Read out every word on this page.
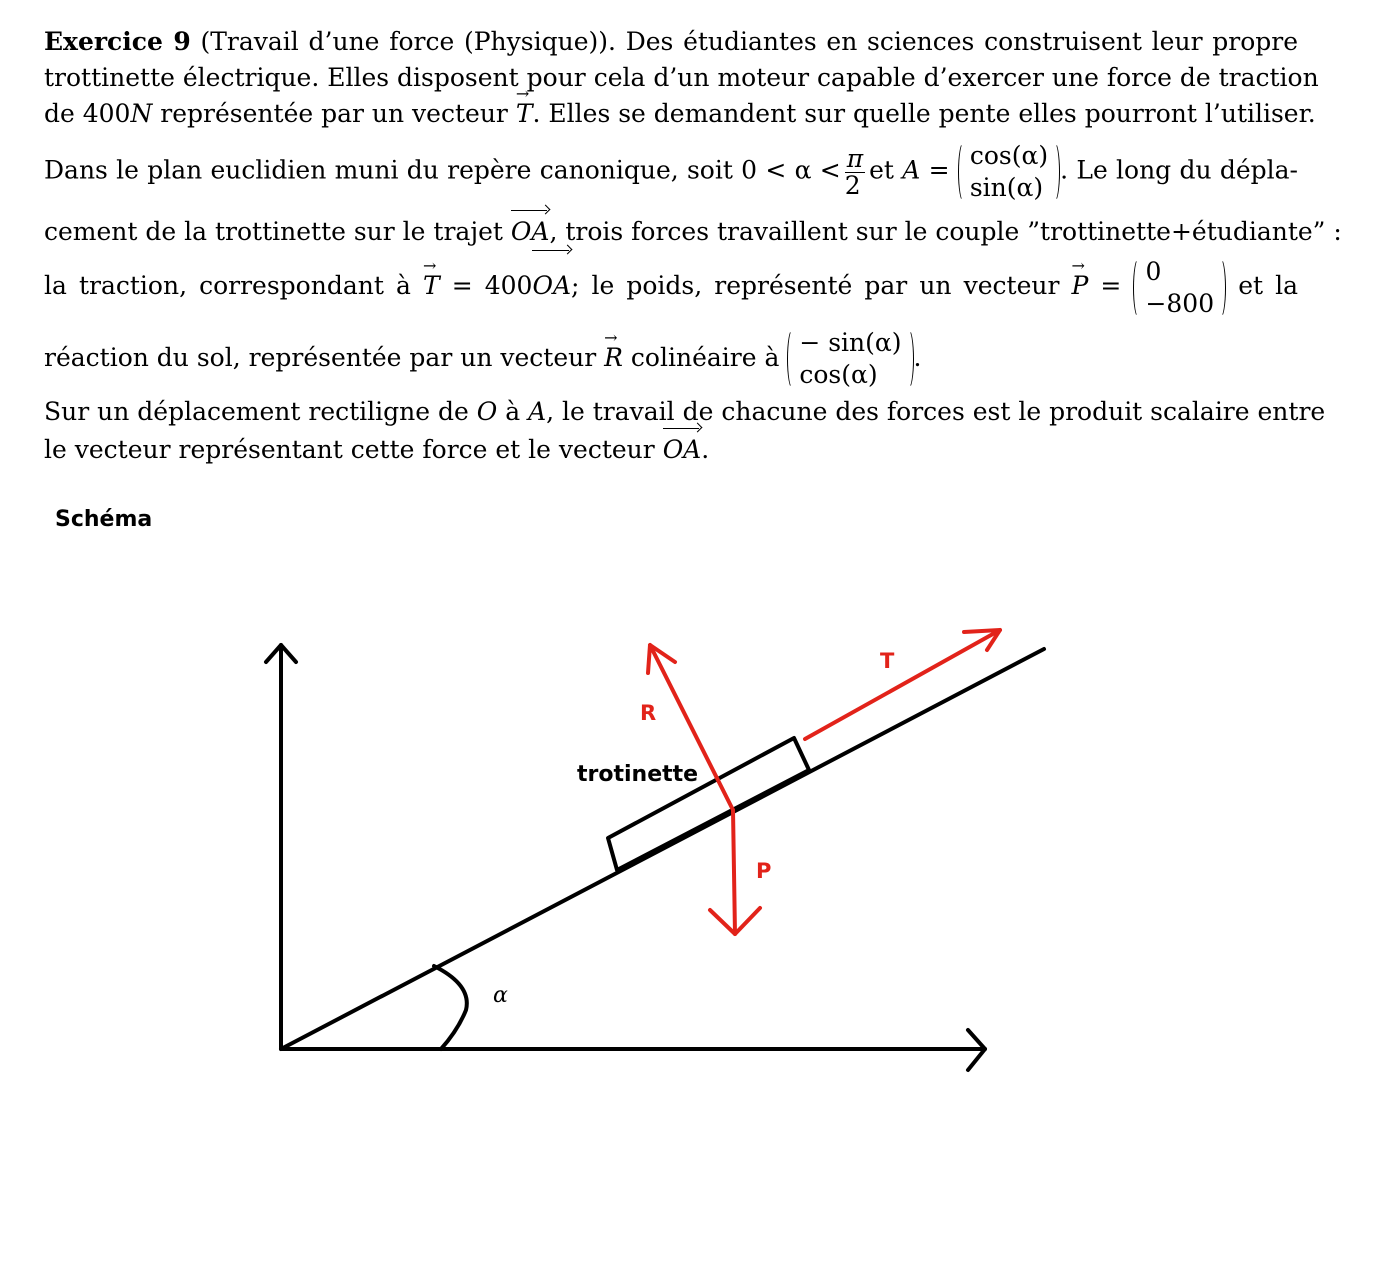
Exercice 9 (Travail d’une force (Physique)). Des étudiantes en sciences construisent leur propre
trottinette électrique. Elles disposent pour cela d’un moteur capable d’exercer une force de traction
de 400N représentée par un vecteur → T. Elles se demandent sur quelle pente elles pourront l’utiliser.
Dans le plan euclidien muni du repère canonique, soit $0 < \alpha < \frac{\pi}{2}$ et A = cos(α)
sin(α)
. Le long du dépla-
cement de la trottinette sur le trajet OA, trois forces travaillent sur le couple ”trottinette+étudiante” :
la traction, correspondant à → T = 400OA; le poids, représenté par un vecteur → P = 0
−800
et la
réaction du sol, représentée par un vecteur → R colinéaire à − sin(α)
cos(α)
.
Sur un déplacement rectiligne de O à A, le travail de chacune des forces est le produit scalaire entre
le vecteur représentant cette force et le vecteur OA.
Schéma
T
R
P
trotinette
α
